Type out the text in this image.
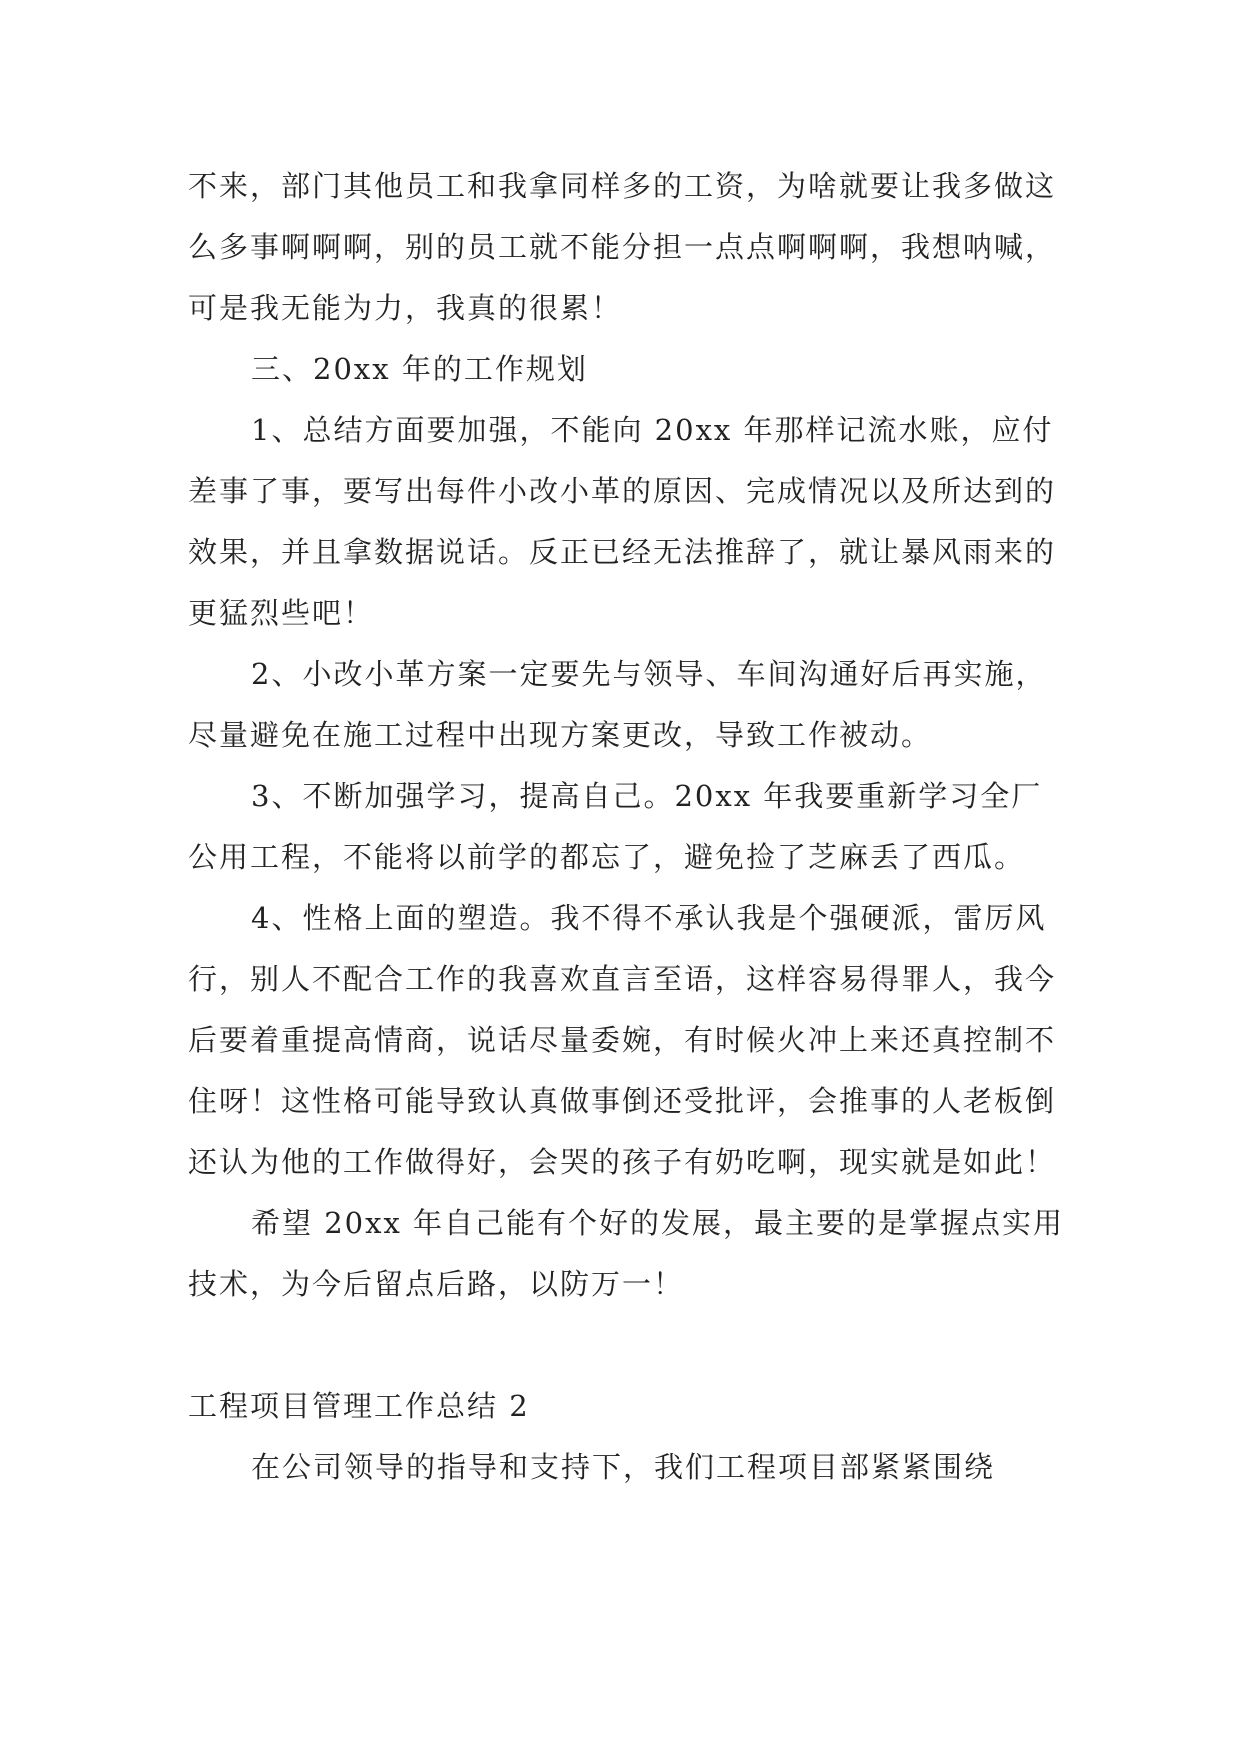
不来，部门其他员工和我拿同样多的工资，为啥就要让我多做这么多事啊啊啊，别的员工就不能分担一点点啊啊啊，我想呐喊，可是我无能为力，我真的很累！

三、20xx 年的工作规划

1、总结方面要加强，不能向 20xx 年那样记流水账，应付差事了事，要写出每件小改小革的原因、完成情况以及所达到的效果，并且拿数据说话。反正已经无法推辞了，就让暴风雨来的更猛烈些吧！

2、小改小革方案一定要先与领导、车间沟通好后再实施，尽量避免在施工过程中出现方案更改，导致工作被动。

3、不断加强学习，提高自己。20xx 年我要重新学习全厂公用工程，不能将以前学的都忘了，避免捡了芝麻丢了西瓜。

4、性格上面的塑造。我不得不承认我是个强硬派，雷厉风行，别人不配合工作的我喜欢直言至语，这样容易得罪人，我今后要着重提高情商，说话尽量委婉，有时候火冲上来还真控制不住呀！这性格可能导致认真做事倒还受批评，会推事的人老板倒还认为他的工作做得好，会哭的孩子有奶吃啊，现实就是如此！

希望 20xx 年自己能有个好的发展，最主要的是掌握点实用技术，为今后留点后路，以防万一！

工程项目管理工作总结 2

在公司领导的指导和支持下，我们工程项目部紧紧围绕
